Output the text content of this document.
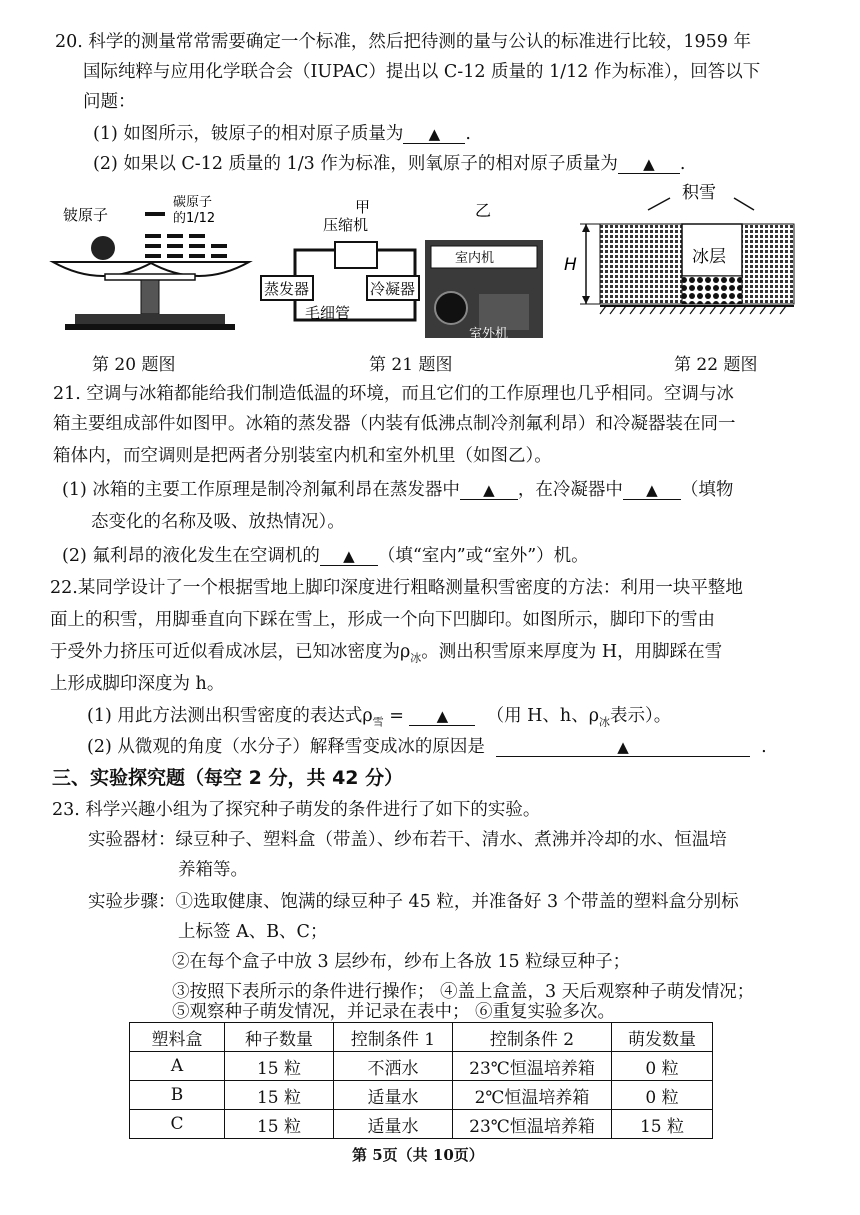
20. 科学的测量常常需要确定一个标准，然后把待测的量与公认的标准进行比较，1959 年
国际纯粹与应用化学联合会（IUPAC）提出以 C-12 质量的 1/12 作为标准），回答以下
问题：
(1) 如图所示，铍原子的相对原子质量为 ▲ .
(2) 如果以 C-12 质量的 1/3 作为标准，则氧原子的相对原子质量为 ▲ .
铍原子
碳原子
的1/12
第 20 题图
甲
压缩机
蒸发器	冷凝器
毛细管
乙
室内机
室外机
第 21 题图
积雪
冰层
H
第 22 题图
21. 空调与冰箱都能给我们制造低温的环境，而且它们的工作原理也几乎相同。空调与冰
箱主要组成部件如图甲。冰箱的蒸发器（内装有低沸点制冷剂氟利昂）和冷凝器装在同一
箱体内，而空调则是把两者分别装室内机和室外机里（如图乙）。
(1) 冰箱的主要工作原理是制冷剂氟利昂在蒸发器中 ▲ ，在冷凝器中 ▲ （填物
态变化的名称及吸、放热情况）。
(2) 氟利昂的液化发生在空调机的 ▲ （填“室内”或“室外”）机。
22.某同学设计了一个根据雪地上脚印深度进行粗略测量积雪密度的方法：利用一块平整地
面上的积雪，用脚垂直向下踩在雪上，形成一个向下凹脚印。如图所示，脚印下的雪由
于受外力挤压可近似看成冰层，已知冰密度为$\rho_冰$。测出积雪原来厚度为 H，用脚踩在雪
上形成脚印深度为 h。
(1) 用此方法测出积雪密度的表达式$\rho_雪$ = ▲ （用 H、h、$\rho_冰$表示）。
(2) 从微观的角度（水分子）解释雪变成冰的原因是	▲	.
三、实验探究题（每空 2 分，共 42 分）
23. 科学兴趣小组为了探究种子萌发的条件进行了如下的实验。
实验器材：绿豆种子、塑料盒（带盖）、纱布若干、清水、煮沸并冷却的水、恒温培
养箱等。
实验步骤：①选取健康、饱满的绿豆种子 45 粒，并准备好 3 个带盖的塑料盒分别标
上标签 A、B、C；
②在每个盒子中放 3 层纱布，纱布上各放 15 粒绿豆种子；
③按照下表所示的条件进行操作； ④盖上盒盖，3 天后观察种子萌发情况；
⑤观察种子萌发情况，并记录在表中； ⑥重复实验多次。
塑料盒	种子数量	控制条件 1	控制条件 2	萌发数量
A	15 粒	不洒水	23℃恒温培养箱	0 粒
B	15 粒	适量水	2℃恒温培养箱	0 粒
C	15 粒	适量水	23℃恒温培养箱	15 粒
第 5页（共 10页）
